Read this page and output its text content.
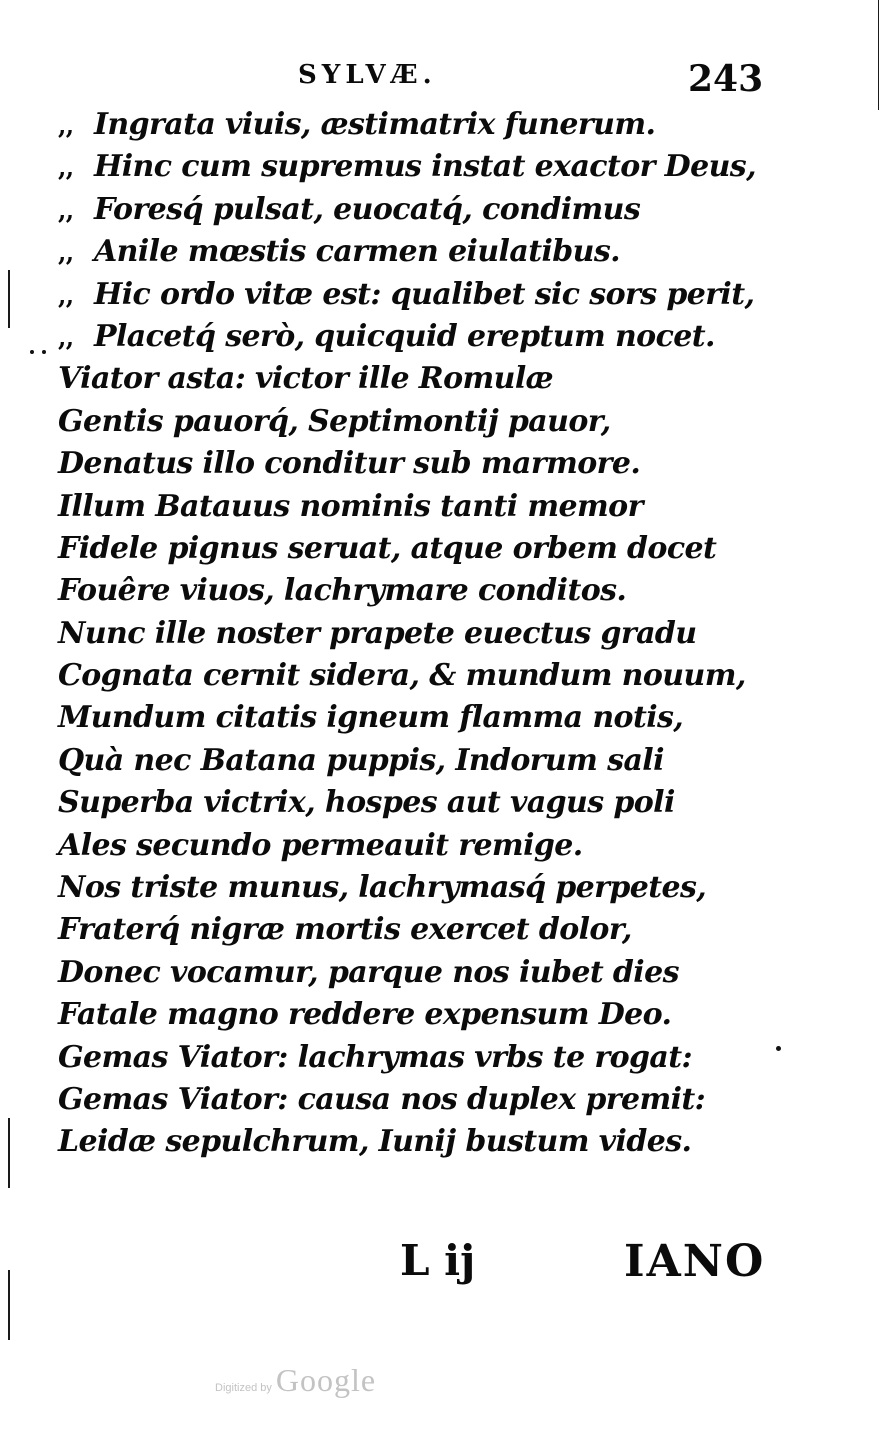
SYLVÆ.	243
,, Ingrata viuis, æstimatrix funerum.
,, Hinc cum supremus instat exactor Deus,
,, Foresq́ pulsat, euocatq́, condimus
,, Anile mœstis carmen eiulatibus.
,, Hic ordo vitæ est: qualibet sic sors perit,
,, Placetq́ serò, quicquid ereptum nocet.
Viator asta: victor ille Romulæ
Gentis pauorq́, Septimontij pauor,
Denatus illo conditur sub marmore.
Illum Batauus nominis tanti memor
Fidele pignus seruat, atque orbem docet
Fouêre viuos, lachrymare conditos.
Nunc ille noster prapete euectus gradu
Cognata cernit sidera, & mundum nouum,
Mundum citatis igneum flamma notis,
Quà nec Batana puppis, Indorum sali
Superba victrix, hospes aut vagus poli
Ales secundo permeauit remige.
Nos triste munus, lachrymasq́ perpetes,
Fraterq́ nigræ mortis exercet dolor,
Donec vocamur, parque nos iubet dies
Fatale magno reddere expensum Deo.
Gemas Viator: lachrymas vrbs te rogat:
Gemas Viator: causa nos duplex premit:
Leidæ sepulchrum, Iunij bustum vides.
L ij	IANO
Digitized by Google
